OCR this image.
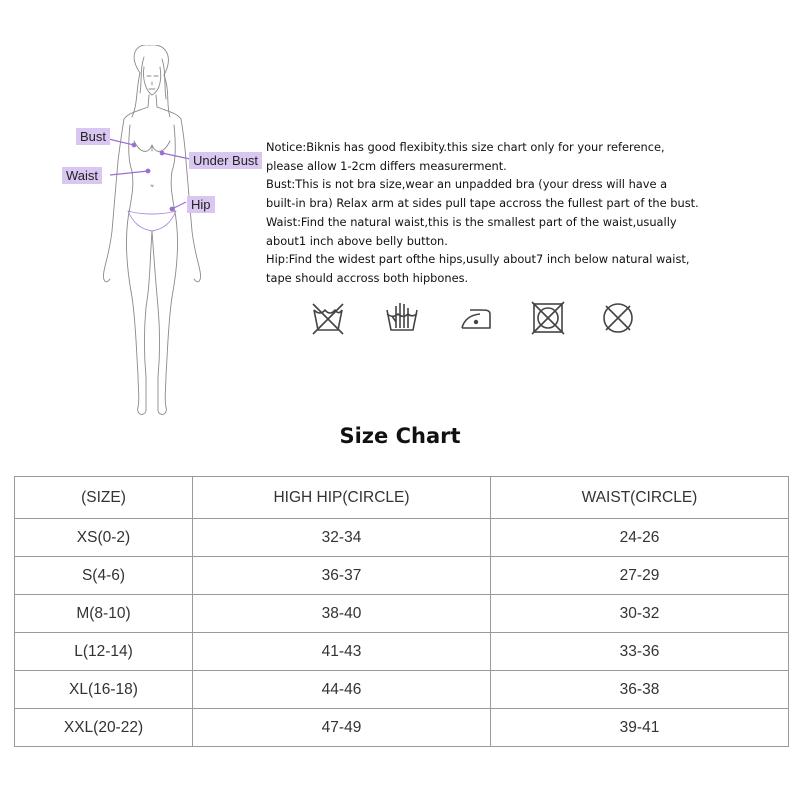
Bust
Waist
Under Bust
Hip

Notice:Biknis has good flexibity.this size chart only for your reference,

please allow 1-2cm differs measurerment.

Bust:This is not bra size,wear an unpadded bra (your dress will have a

built-in bra) Relax arm at sides pull tape accross the fullest part of the bust.

Waist:Find the natural waist,this is the smallest part of the waist,usually

about1 inch above belly button.

Hip:Find the widest part ofthe hips,usully about7 inch below natural waist,

tape should accross both hipbones.

Size Chart
(SIZE)	HIGH HIP(CIRCLE)	WAIST(CIRCLE)
XS(0-2)	32-34	24-26
S(4-6)	36-37	27-29
M(8-10)	38-40	30-32
L(12-14)	41-43	33-36
XL(16-18)	44-46	36-38
XXL(20-22)	47-49	39-41
